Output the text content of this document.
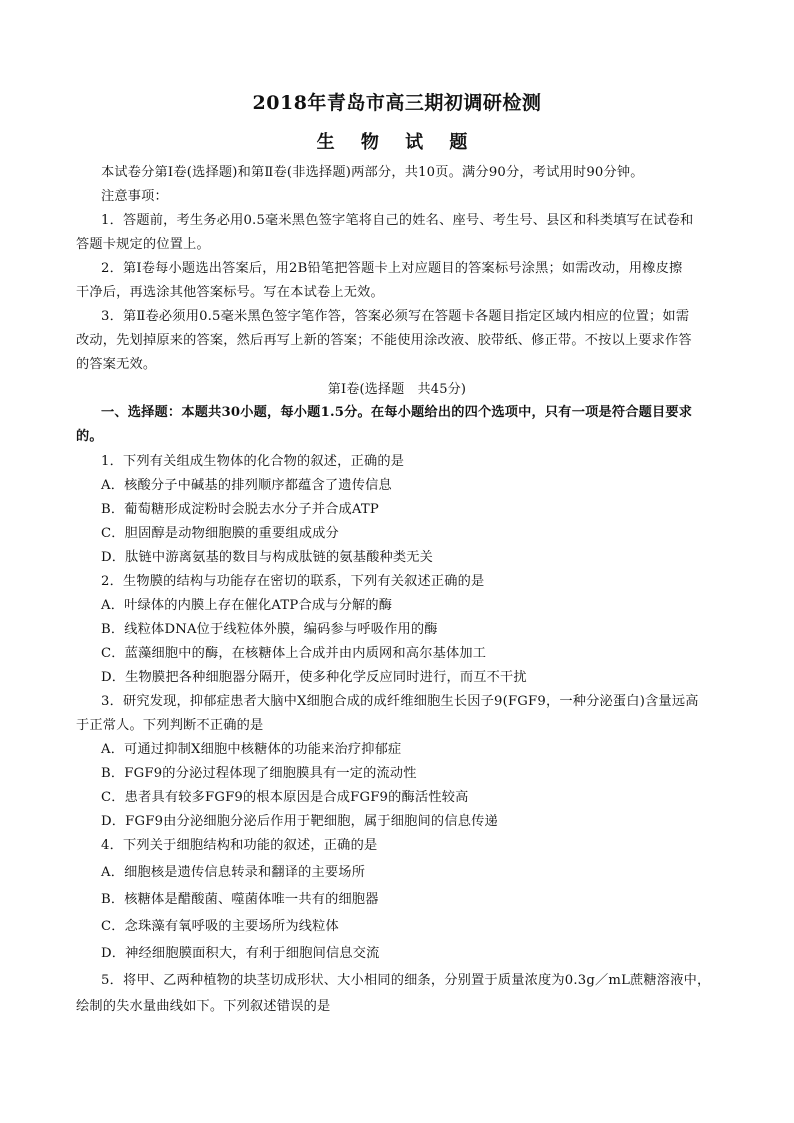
2018年青岛市高三期初调研检测
生 物 试 题
本试卷分第Ⅰ卷(选择题)和第Ⅱ卷(非选择题)两部分，共10页。满分90分，考试用时90分钟。
注意事项：
1．答题前，考生务必用0.5毫米黑色签字笔将自己的姓名、座号、考生号、县区和科类填写在试卷和
答题卡规定的位置上。
2．第Ⅰ卷每小题选出答案后，用2B铅笔把答题卡上对应题目的答案标号涂黑；如需改动，用橡皮擦
干净后，再选涂其他答案标号。写在本试卷上无效。
3．第Ⅱ卷必须用0.5毫米黑色签字笔作答，答案必须写在答题卡各题目指定区域内相应的位置；如需
改动，先划掉原来的答案，然后再写上新的答案；不能使用涂改液、胶带纸、修正带。不按以上要求作答
的答案无效。
第Ⅰ卷(选择题　共45分)
一、选择题：本题共30小题，每小题1.5分。在每小题给出的四个选项中，只有一项是符合题目要求
的。
1．下列有关组成生物体的化合物的叙述，正确的是
A．核酸分子中碱基的排列顺序都蕴含了遗传信息
B．葡萄糖形成淀粉时会脱去水分子并合成ATP
C．胆固醇是动物细胞膜的重要组成成分
D．肽链中游离氨基的数目与构成肽链的氨基酸种类无关
2．生物膜的结构与功能存在密切的联系，下列有关叙述正确的是
A．叶绿体的内膜上存在催化ATP合成与分解的酶
B．线粒体DNA位于线粒体外膜，编码参与呼吸作用的酶
C．蓝藻细胞中的酶，在核糖体上合成并由内质网和高尔基体加工
D．生物膜把各种细胞器分隔开，使多种化学反应同时进行，而互不干扰
3．研究发现，抑郁症患者大脑中X细胞合成的成纤维细胞生长因子9(FGF9，一种分泌蛋白)含量远高
于正常人。下列判断不正确的是
A．可通过抑制X细胞中核糖体的功能来治疗抑郁症
B．FGF9的分泌过程体现了细胞膜具有一定的流动性
C．患者具有较多FGF9的根本原因是合成FGF9的酶活性较高
D．FGF9由分泌细胞分泌后作用于靶细胞，属于细胞间的信息传递
4．下列关于细胞结构和功能的叙述，正确的是
A．细胞核是遗传信息转录和翻译的主要场所
B．核糖体是醋酸菌、噬菌体唯一共有的细胞器
C．念珠藻有氧呼吸的主要场所为线粒体
D．神经细胞膜面积大，有利于细胞间信息交流
5．将甲、乙两种植物的块茎切成形状、大小相同的细条，分别置于质量浓度为0.3g／mL蔗糖溶液中，
绘制的失水量曲线如下。下列叙述错误的是
